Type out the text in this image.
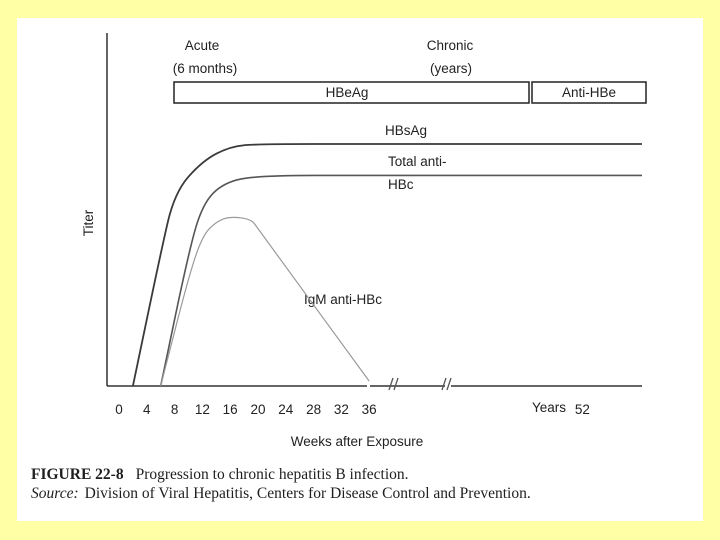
Acute
(6 months)
Chronic
(years)
HBeAg	Anti-HBe
HBsAg
Total anti-
HBc
IgM anti-HBc
Titer
Weeks after Exposure
Years
0 4 8 12 16 20 24 28 32 36	52
FIGURE 22-8 Progression to chronic hepatitis B infection.
Source: Division of Viral Hepatitis, Centers for Disease Control and Prevention.
